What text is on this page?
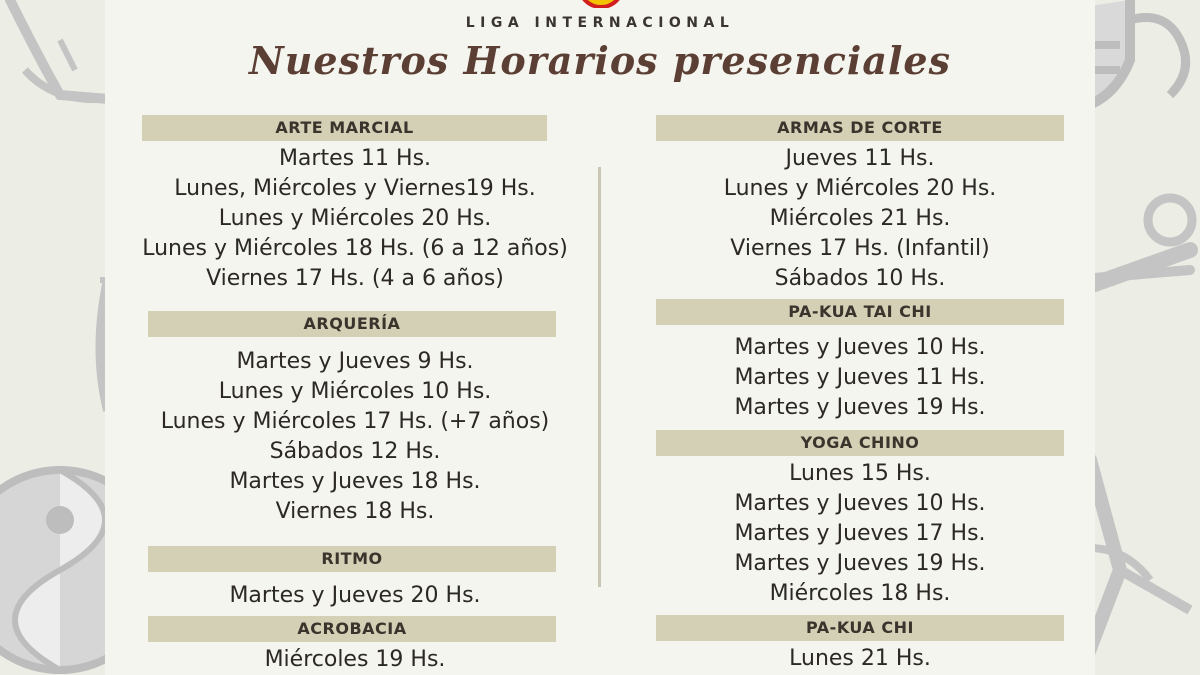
LIGA INTERNACIONAL
Nuestros Horarios presenciales
ARTE MARCIAL
Martes 11 Hs.
Lunes, Miércoles y Viernes19 Hs.
Lunes y Miércoles 20 Hs.
Lunes y Miércoles 18 Hs. (6 a 12 años)
Viernes 17 Hs. (4 a 6 años)
ARQUERÍA
Martes y Jueves 9 Hs.
Lunes y Miércoles 10 Hs.
Lunes y Miércoles 17 Hs. (+7 años)
Sábados 12 Hs.
Martes y Jueves 18 Hs.
Viernes 18 Hs.
RITMO
Martes y Jueves 20 Hs.
ACROBACIA
Miércoles 19 Hs.
ARMAS DE CORTE
Jueves 11 Hs.
Lunes y Miércoles 20 Hs.
Miércoles 21 Hs.
Viernes 17 Hs. (Infantil)
Sábados 10 Hs.
PA-KUA TAI CHI
Martes y Jueves 10 Hs.
Martes y Jueves 11 Hs.
Martes y Jueves 19 Hs.
YOGA CHINO
Lunes 15 Hs.
Martes y Jueves 10 Hs.
Martes y Jueves 17 Hs.
Martes y Jueves 19 Hs.
Miércoles 18 Hs.
PA-KUA CHI
Lunes 21 Hs.
